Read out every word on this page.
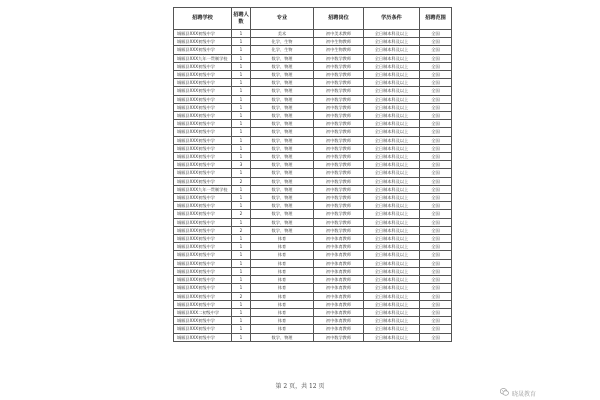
招聘学校	招聘人数	专业	招聘岗位	学历条件	招聘范围
城厢县XXX初级中学	1	美术	初中美术教师	全日制本科及以上	全国
城厢县XXX初级中学	1	化学、生物	初中生物教师	全日制本科及以上	全国
城厢县XXX初级中学	1	化学、生物	初中生物教师	全日制本科及以上	全国
城厢县XXX九年一贯制学校	1	数学、物理	初中数学教师	全日制本科及以上	全国
城厢县XXX初级中学	1	数学、物理	初中数学教师	全日制本科及以上	全国
城厢县XXX初级中学	1	数学、物理	初中数学教师	全日制本科及以上	全国
城厢县XXX初级中学	1	数学、物理	初中数学教师	全日制本科及以上	全国
城厢县XXX初级中学	1	数学、物理	初中数学教师	全日制本科及以上	全国
城厢县XXX初级中学	1	数学、物理	初中数学教师	全日制本科及以上	全国
城厢县XXX初级中学	1	数学、物理	初中数学教师	全日制本科及以上	全国
城厢县XXX初级中学	1	数学、物理	初中数学教师	全日制本科及以上	全国
城厢县XXX初级中学	1	数学、物理	初中数学教师	全日制本科及以上	全国
城厢县XXX初级中学	1	数学、物理	初中数学教师	全日制本科及以上	全国
城厢县XXX初级中学	1	数学、物理	初中数学教师	全日制本科及以上	全国
城厢县XXX初级中学	1	数学、物理	初中数学教师	全日制本科及以上	全国
城厢县XXX初级中学	1	数学、物理	初中数学教师	全日制本科及以上	全国
城厢县XXX初级中学	3	数学、物理	初中数学教师	全日制本科及以上	全国
城厢县XXX初级中学	1	数学、物理	初中数学教师	全日制本科及以上	全国
城厢县XXX初级中学	2	数学、物理	初中数学教师	全日制本科及以上	全国
城厢县XXX九年一贯制学校	1	数学、物理	初中数学教师	全日制本科及以上	全国
城厢县XXX初级中学	1	数学、物理	初中数学教师	全日制本科及以上	全国
城厢县XXX初级中学	1	数学、物理	初中数学教师	全日制本科及以上	全国
城厢县XXX初级中学	2	数学、物理	初中数学教师	全日制本科及以上	全国
城厢县XXX初级中学	1	数学、物理	初中数学教师	全日制本科及以上	全国
城厢县XXX初级中学	2	数学、物理	初中数学教师	全日制本科及以上	全国
城厢县XXX初级中学	1	体育	初中体育教师	全日制本科及以上	全国
城厢县XXX初级中学	1	体育	初中体育教师	全日制本科及以上	全国
城厢县XXX初级中学	1	体育	初中体育教师	全日制本科及以上	全国
城厢县XXX初级中学	1	体育	初中体育教师	全日制本科及以上	全国
城厢县XXX初级中学	1	体育	初中体育教师	全日制本科及以上	全国
城厢县XXX初级中学	1	体育	初中体育教师	全日制本科及以上	全国
城厢县XXX初级中学	1	体育	初中体育教师	全日制本科及以上	全国
城厢县XXX初级中学	2	体育	初中体育教师	全日制本科及以上	全国
城厢县XXX初级中学	1	体育	初中体育教师	全日制本科及以上	全国
城厢县XXX二初级中学	1	体育	初中体育教师	全日制本科及以上	全国
城厢县XXX初级中学	1	体育	初中体育教师	全日制本科及以上	全国
城厢县XXX初级中学	1	体育	初中体育教师	全日制本科及以上	全国
城厢县XXX初级中学	1	数学、物理	初中数学教师	全日制本科及以上	全国
第 2 页，共 12 页
晓晟教育
